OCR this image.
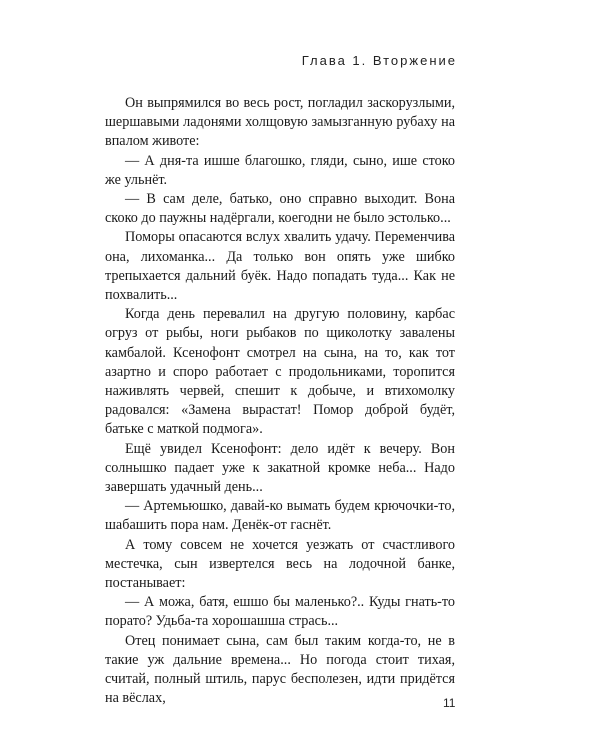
Глава 1. Вторжение

Он выпрямился во весь рост, погладил заскорузлыми, шершавыми ладонями холщовую замызганную рубаху на впалом животе:

— А дня-та ишше благошко, гляди, сыно, ише стоко же ульнёт.

— В сам деле, батько, оно справно выходит. Вона скоко до паужны надёргали, коегодни не было эстолько...

Поморы опасаются вслух хвалить удачу. Переменчива она, лихоманка... Да только вон опять уже шибко трепыхается дальний буёк. Надо попадать туда... Как не похвалить...

Когда день перевалил на другую половину, карбас огруз от рыбы, ноги рыбаков по щиколотку завалены камбалой. Ксенофонт смотрел на сына, на то, как тот азартно и споро работает с продольниками, торопится наживлять червей, спешит к добыче, и втихомолку радовался: «Замена вырастат! Помор доброй будёт, батьке с маткой подмога».

Ещё увидел Ксенофонт: дело идёт к вечеру. Вон солнышко падает уже к закатной кромке неба... Надо завершать удачный день...

— Артемьюшко, давай-ко вымать будем крючочки-то, шабашить пора нам. Денёк-от гаснёт.

А тому совсем не хочется уезжать от счастливого местечка, сын извертелся весь на лодочной банке, постанывает:

— А можа, батя, ешшо бы маленько?.. Куды гнать-то порато? Удьба-та хорошашша стрась...

Отец понимает сына, сам был таким когда-то, не в такие уж дальние времена... Но погода стоит тихая, считай, полный штиль, парус бесполезен, идти придётся на вёслах,	11
